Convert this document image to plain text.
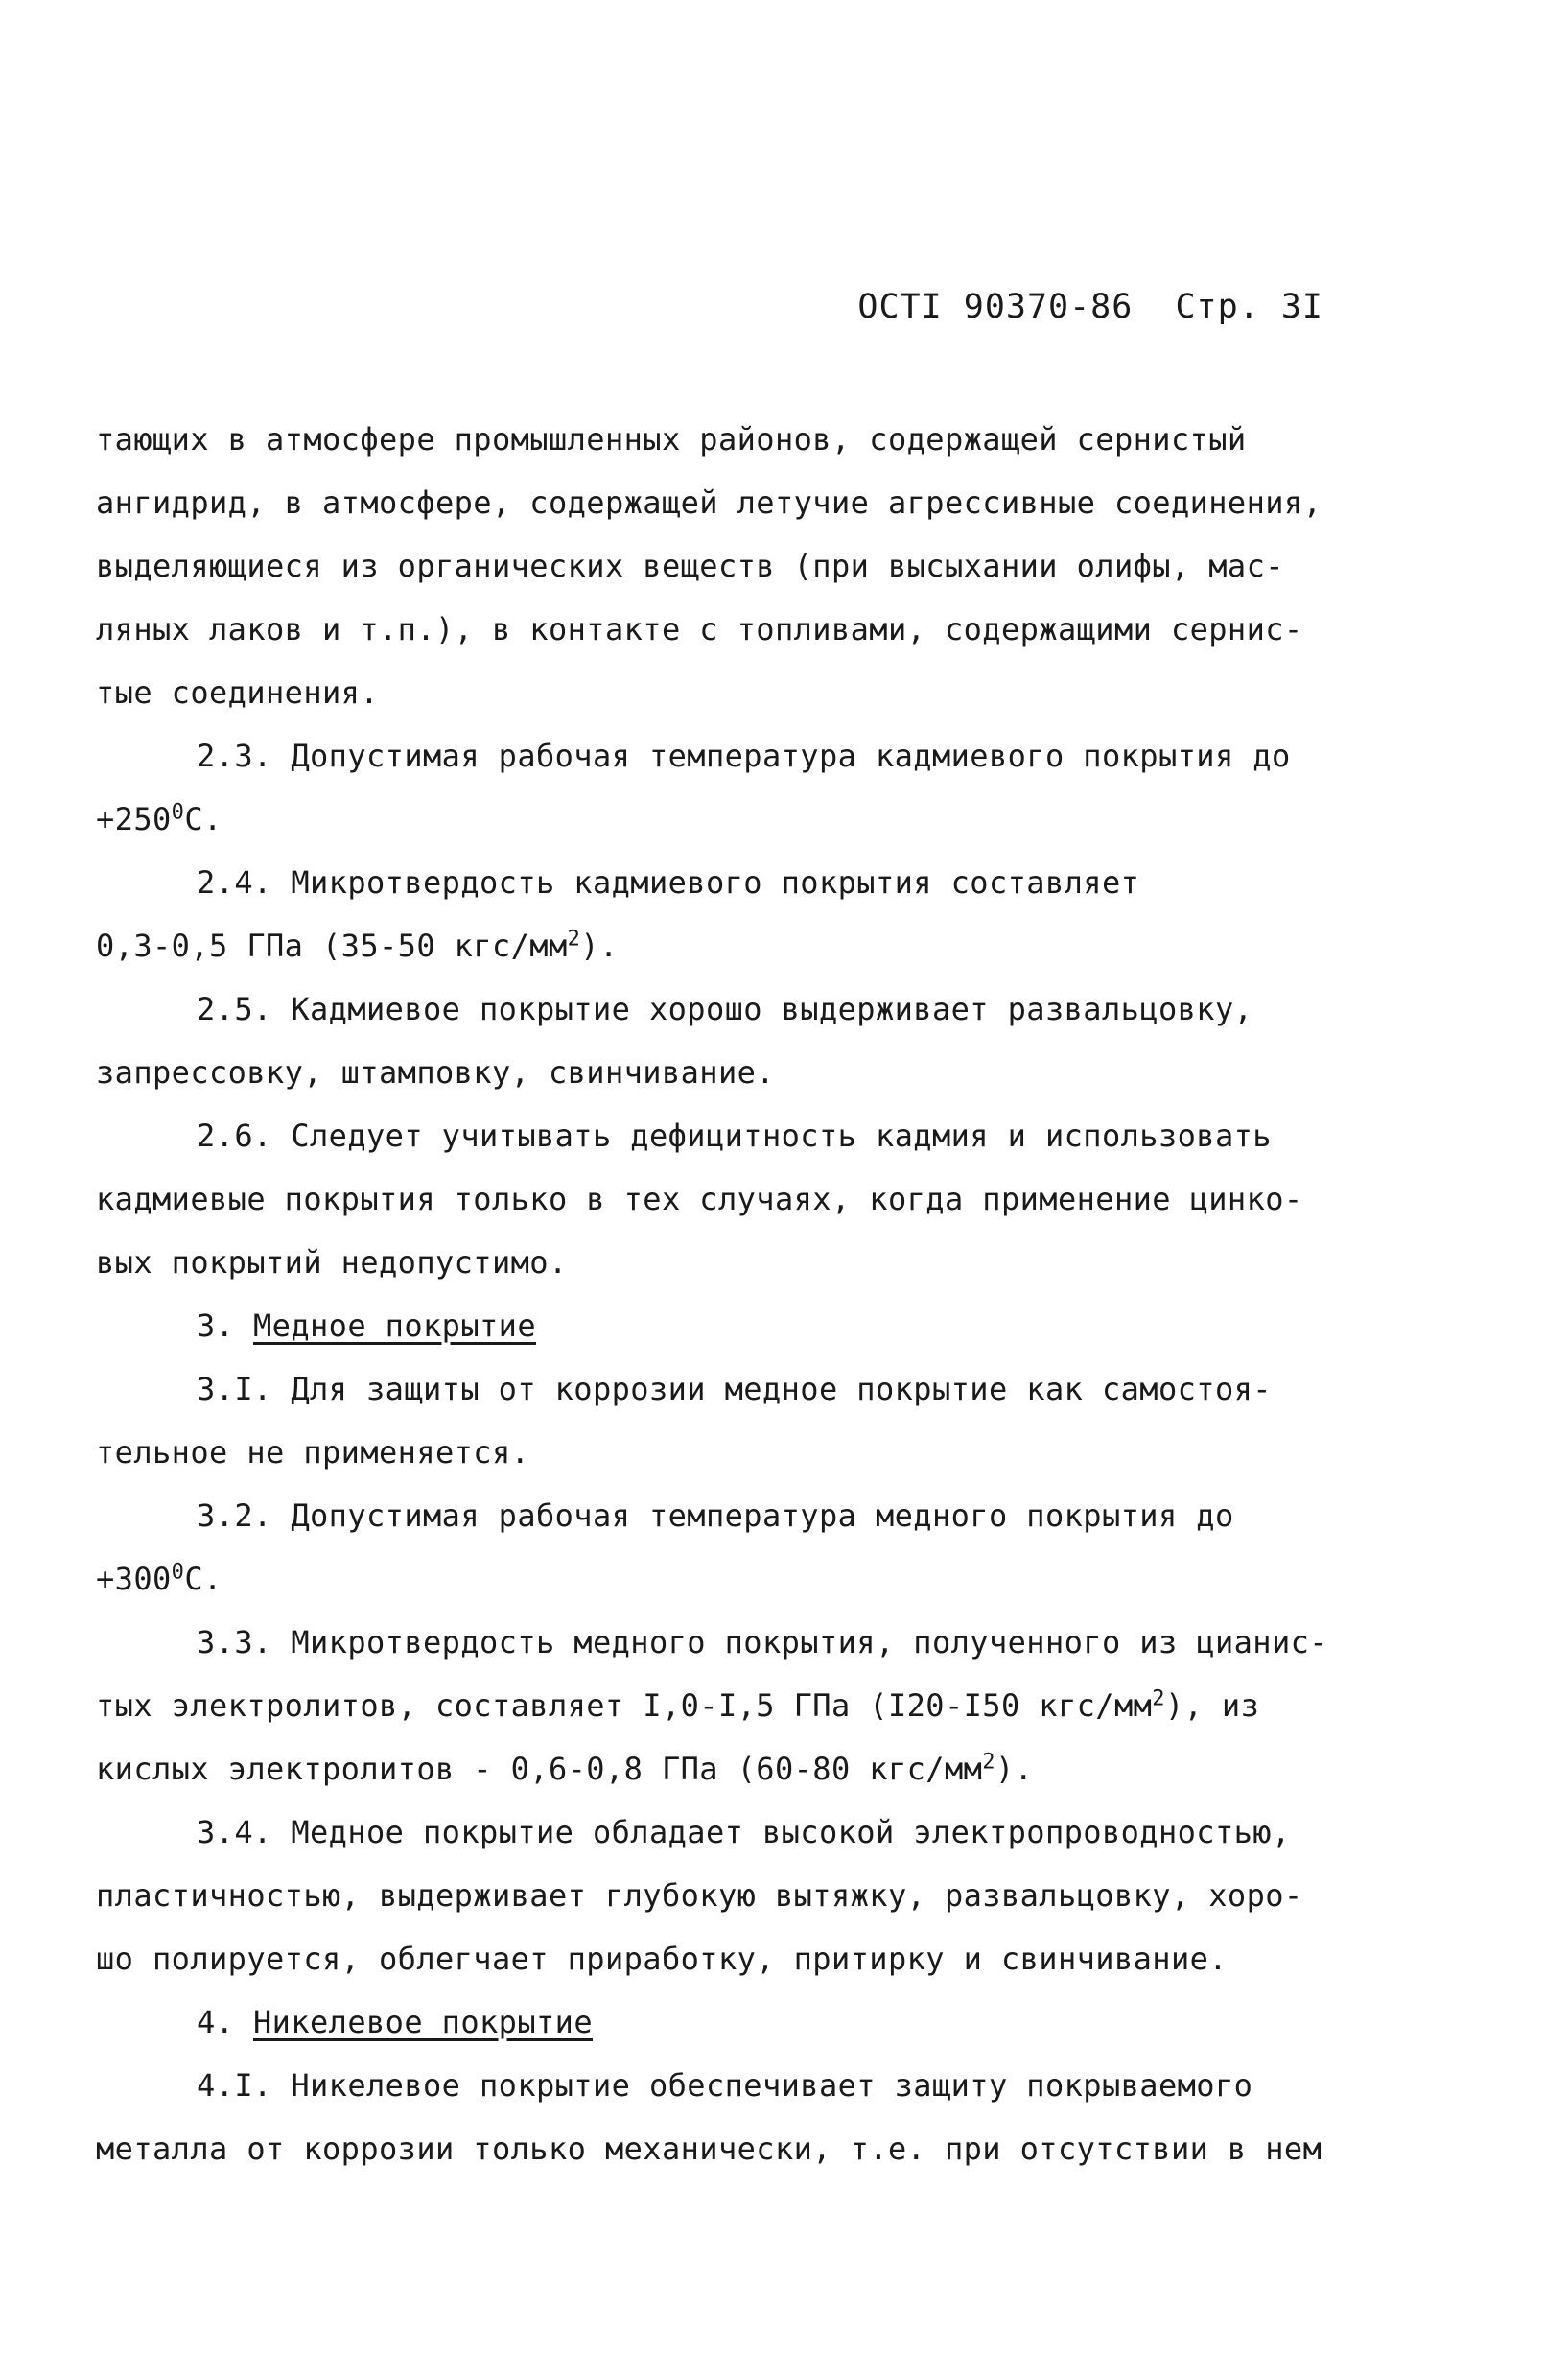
ОСТI 90370-86 Стр. 3I
тающих в атмосфере промышленных районов, содержащей сернистый
ангидрид, в атмосфере, содержащей летучие агрессивные соединения,
выделяющиеся из органических веществ (при высыхании олифы, мас-
ляных лаков и т.п.), в контакте с топливами, содержащими сернис-
тые соединения.
2.3. Допустимая рабочая температура кадмиевого покрытия до
$+250^0С$.
2.4. Микротвердость кадмиевого покрытия составляет
0,3-0,5 ГПа (35-50 кгс/$мм^2$).
2.5. Кадмиевое покрытие хорошо выдерживает развальцовку,
запрессовку, штамповку, свинчивание.
2.6. Следует учитывать дефицитность кадмия и использовать
кадмиевые покрытия только в тех случаях, когда применение цинко-
вых покрытий недопустимо.
3. Медное покрытие
3.I. Для защиты от коррозии медное покрытие как самостоя-
тельное не применяется.
3.2. Допустимая рабочая температура медного покрытия до
$+300^0С$.
3.3. Микротвердость медного покрытия, полученного из цианис-
тых электролитов, составляет I,0-I,5 ГПа (I20-I50 кгс/$мм^2$), из
кислых электролитов - 0,6-0,8 ГПа (60-80 кгс/$мм^2$).
3.4. Медное покрытие обладает высокой электропроводностью,
пластичностью, выдерживает глубокую вытяжку, развальцовку, хоро-
шо полируется, облегчает приработку, притирку и свинчивание.
4. Никелевое покрытие
4.I. Никелевое покрытие обеспечивает защиту покрываемого
металла от коррозии только механически, т.е. при отсутствии в нем
